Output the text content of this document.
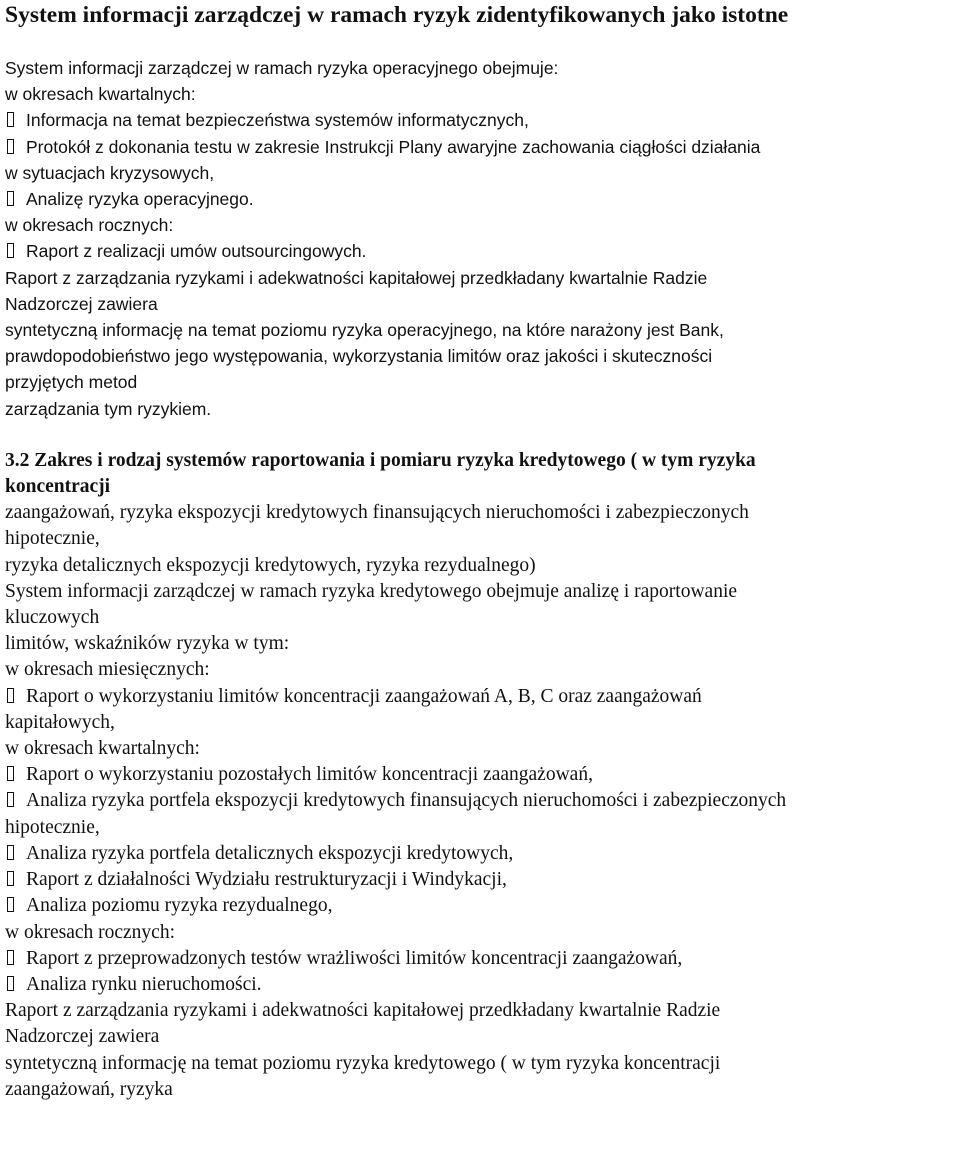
System informacji zarządczej w ramach ryzyk zidentyfikowanych jako istotne
System informacji zarządczej w ramach ryzyka operacyjnego obejmuje:
w okresach kwartalnych:
Informacja na temat bezpieczeństwa systemów informatycznych,
Protokół z dokonania testu w zakresie Instrukcji Plany awaryjne zachowania ciągłości działania
w sytuacjach kryzysowych,
Analizę ryzyka operacyjnego.
w okresach rocznych:
Raport z realizacji umów outsourcingowych.
Raport z zarządzania ryzykami i adekwatności kapitałowej przedkładany kwartalnie Radzie
Nadzorczej zawiera
syntetyczną informację na temat poziomu ryzyka operacyjnego, na które narażony jest Bank,
prawdopodobieństwo jego występowania, wykorzystania limitów oraz jakości i skuteczności
przyjętych metod
zarządzania tym ryzykiem.
3.2 Zakres i rodzaj systemów raportowania i pomiaru ryzyka kredytowego ( w tym ryzyka
koncentracji
zaangażowań, ryzyka ekspozycji kredytowych finansujących nieruchomości i zabezpieczonych
hipotecznie,
ryzyka detalicznych ekspozycji kredytowych, ryzyka rezydualnego)
System informacji zarządczej w ramach ryzyka kredytowego obejmuje analizę i raportowanie
kluczowych
limitów, wskaźników ryzyka w tym:
w okresach miesięcznych:
Raport o wykorzystaniu limitów koncentracji zaangażowań A, B, C oraz zaangażowań
kapitałowych,
w okresach kwartalnych:
Raport o wykorzystaniu pozostałych limitów koncentracji zaangażowań,
Analiza ryzyka portfela ekspozycji kredytowych finansujących nieruchomości i zabezpieczonych
hipotecznie,
Analiza ryzyka portfela detalicznych ekspozycji kredytowych,
Raport z działalności Wydziału restrukturyzacji i Windykacji,
Analiza poziomu ryzyka rezydualnego,
w okresach rocznych:
Raport z przeprowadzonych testów wrażliwości limitów koncentracji zaangażowań,
Analiza rynku nieruchomości.
Raport z zarządzania ryzykami i adekwatności kapitałowej przedkładany kwartalnie Radzie
Nadzorczej zawiera
syntetyczną informację na temat poziomu ryzyka kredytowego ( w tym ryzyka koncentracji
zaangażowań, ryzyka
